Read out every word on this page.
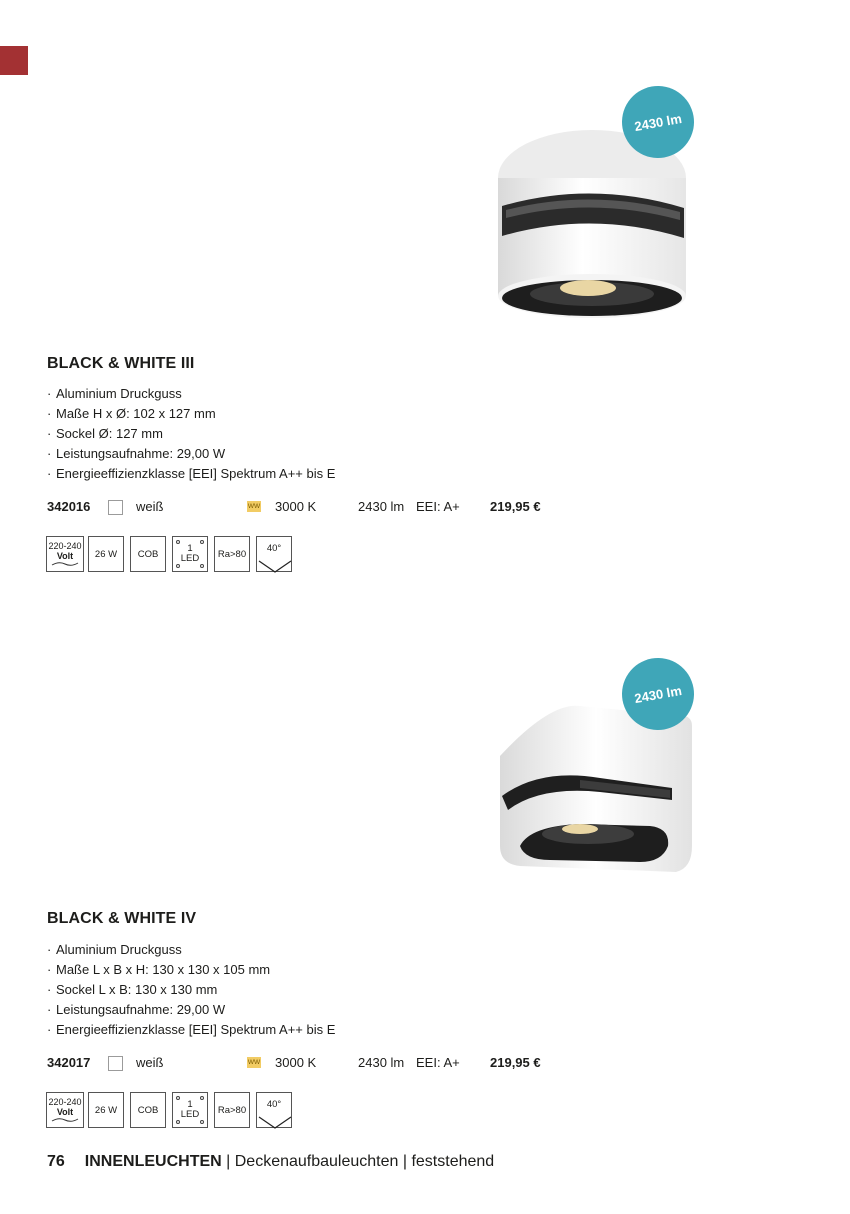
2430 lm
BLACK & WHITE III
· Aluminium Druckguss
· Maße H x Ø: 102 x 127 mm
· Sockel Ø: 127 mm
· Leistungsaufnahme: 29,00 W
· Energieeffizienzklasse [EEI] Spektrum A++ bis E
342016	weiß	WW 3000 K	2430 lm EEI: A+ 219,95 €
220-240
Volt	26 W	COB	1
LED	Ra>80
40°
2430 lm
BLACK & WHITE IV
· Aluminium Druckguss
· Maße L x B x H: 130 x 130 x 105 mm
· Sockel L x B: 130 x 130 mm
· Leistungsaufnahme: 29,00 W
· Energieeffizienzklasse [EEI] Spektrum A++ bis E
342017	weiß	WW 3000 K	2430 lm EEI: A+ 219,95 €
220-240
Volt	26 W	COB	1
LED	Ra>80
40°
76 INNENLEUCHTEN | Deckenaufbauleuchten | feststehend
